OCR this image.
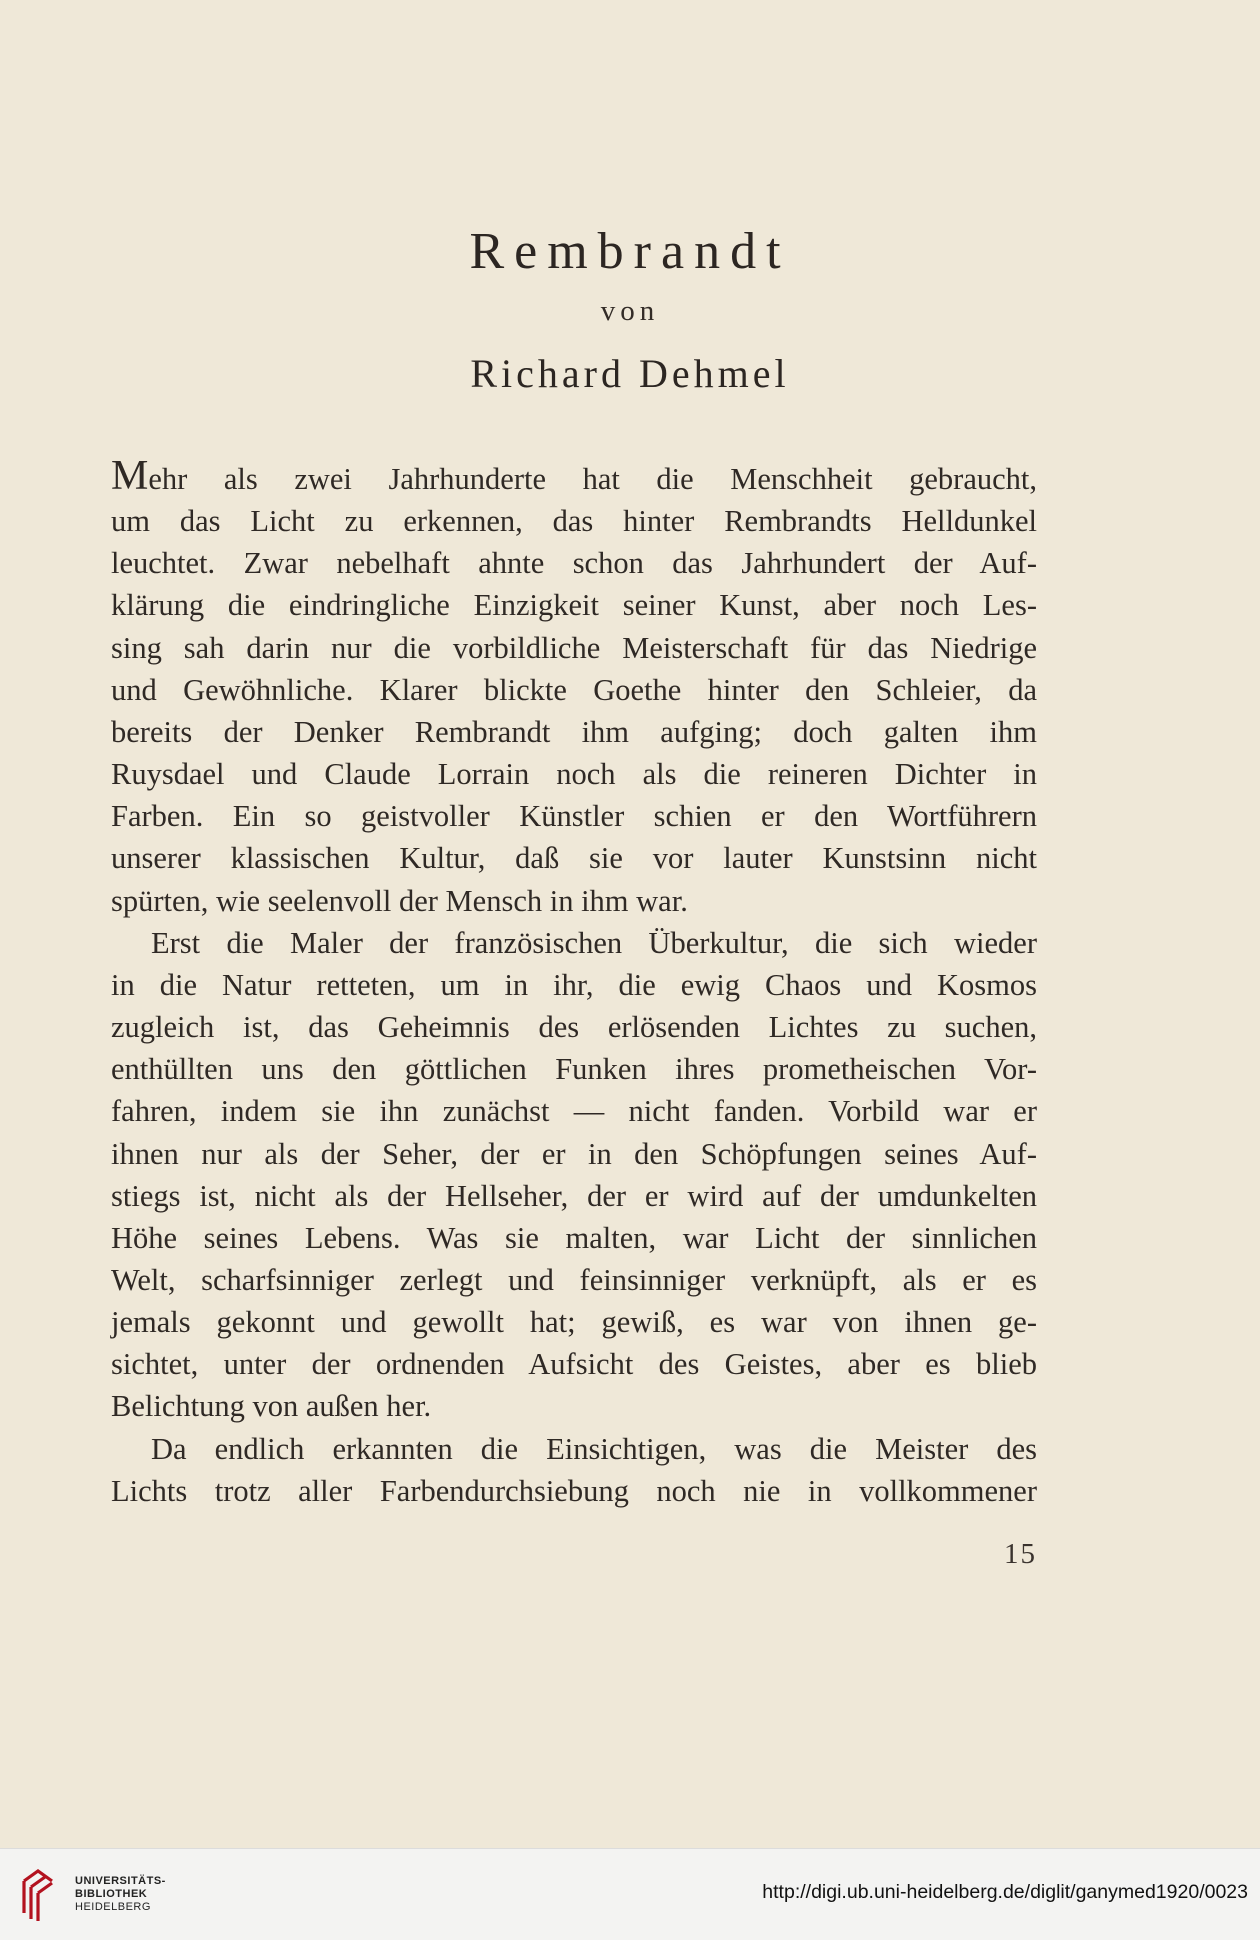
Rembrandt
von
Richard Dehmel

Mehr als zwei Jahrhunderte hat die Menschheit gebraucht,

um das Licht zu erkennen, das hinter Rembrandts Helldunkel

leuchtet. Zwar nebelhaft ahnte schon das Jahrhundert der Auf-

klärung die eindringliche Einzigkeit seiner Kunst, aber noch Les-

sing sah darin nur die vorbildliche Meisterschaft für das Niedrige

und Gewöhnliche. Klarer blickte Goethe hinter den Schleier, da

bereits der Denker Rembrandt ihm aufging; doch galten ihm

Ruysdael und Claude Lorrain noch als die reineren Dichter in

Farben. Ein so geistvoller Künstler schien er den Wortführern

unserer klassischen Kultur, daß sie vor lauter Kunstsinn nicht

spürten, wie seelenvoll der Mensch in ihm war.

Erst die Maler der französischen Überkultur, die sich wieder

in die Natur retteten, um in ihr, die ewig Chaos und Kosmos

zugleich ist, das Geheimnis des erlösenden Lichtes zu suchen,

enthüllten uns den göttlichen Funken ihres prometheischen Vor-

fahren, indem sie ihn zunächst — nicht fanden. Vorbild war er

ihnen nur als der Seher, der er in den Schöpfungen seines Auf-

stiegs ist, nicht als der Hellseher, der er wird auf der umdunkelten

Höhe seines Lebens. Was sie malten, war Licht der sinnlichen

Welt, scharfsinniger zerlegt und feinsinniger verknüpft, als er es

jemals gekonnt und gewollt hat; gewiß, es war von ihnen ge-

sichtet, unter der ordnenden Aufsicht des Geistes, aber es blieb

Belichtung von außen her.

Da endlich erkannten die Einsichtigen, was die Meister des

Lichts trotz aller Farbendurchsiebung noch nie in vollkommener

15
UNIVERSITÄTS-
BIBLIOTHEK
HEIDELBERG
http://digi.ub.uni-heidelberg.de/diglit/ganymed1920/0023
